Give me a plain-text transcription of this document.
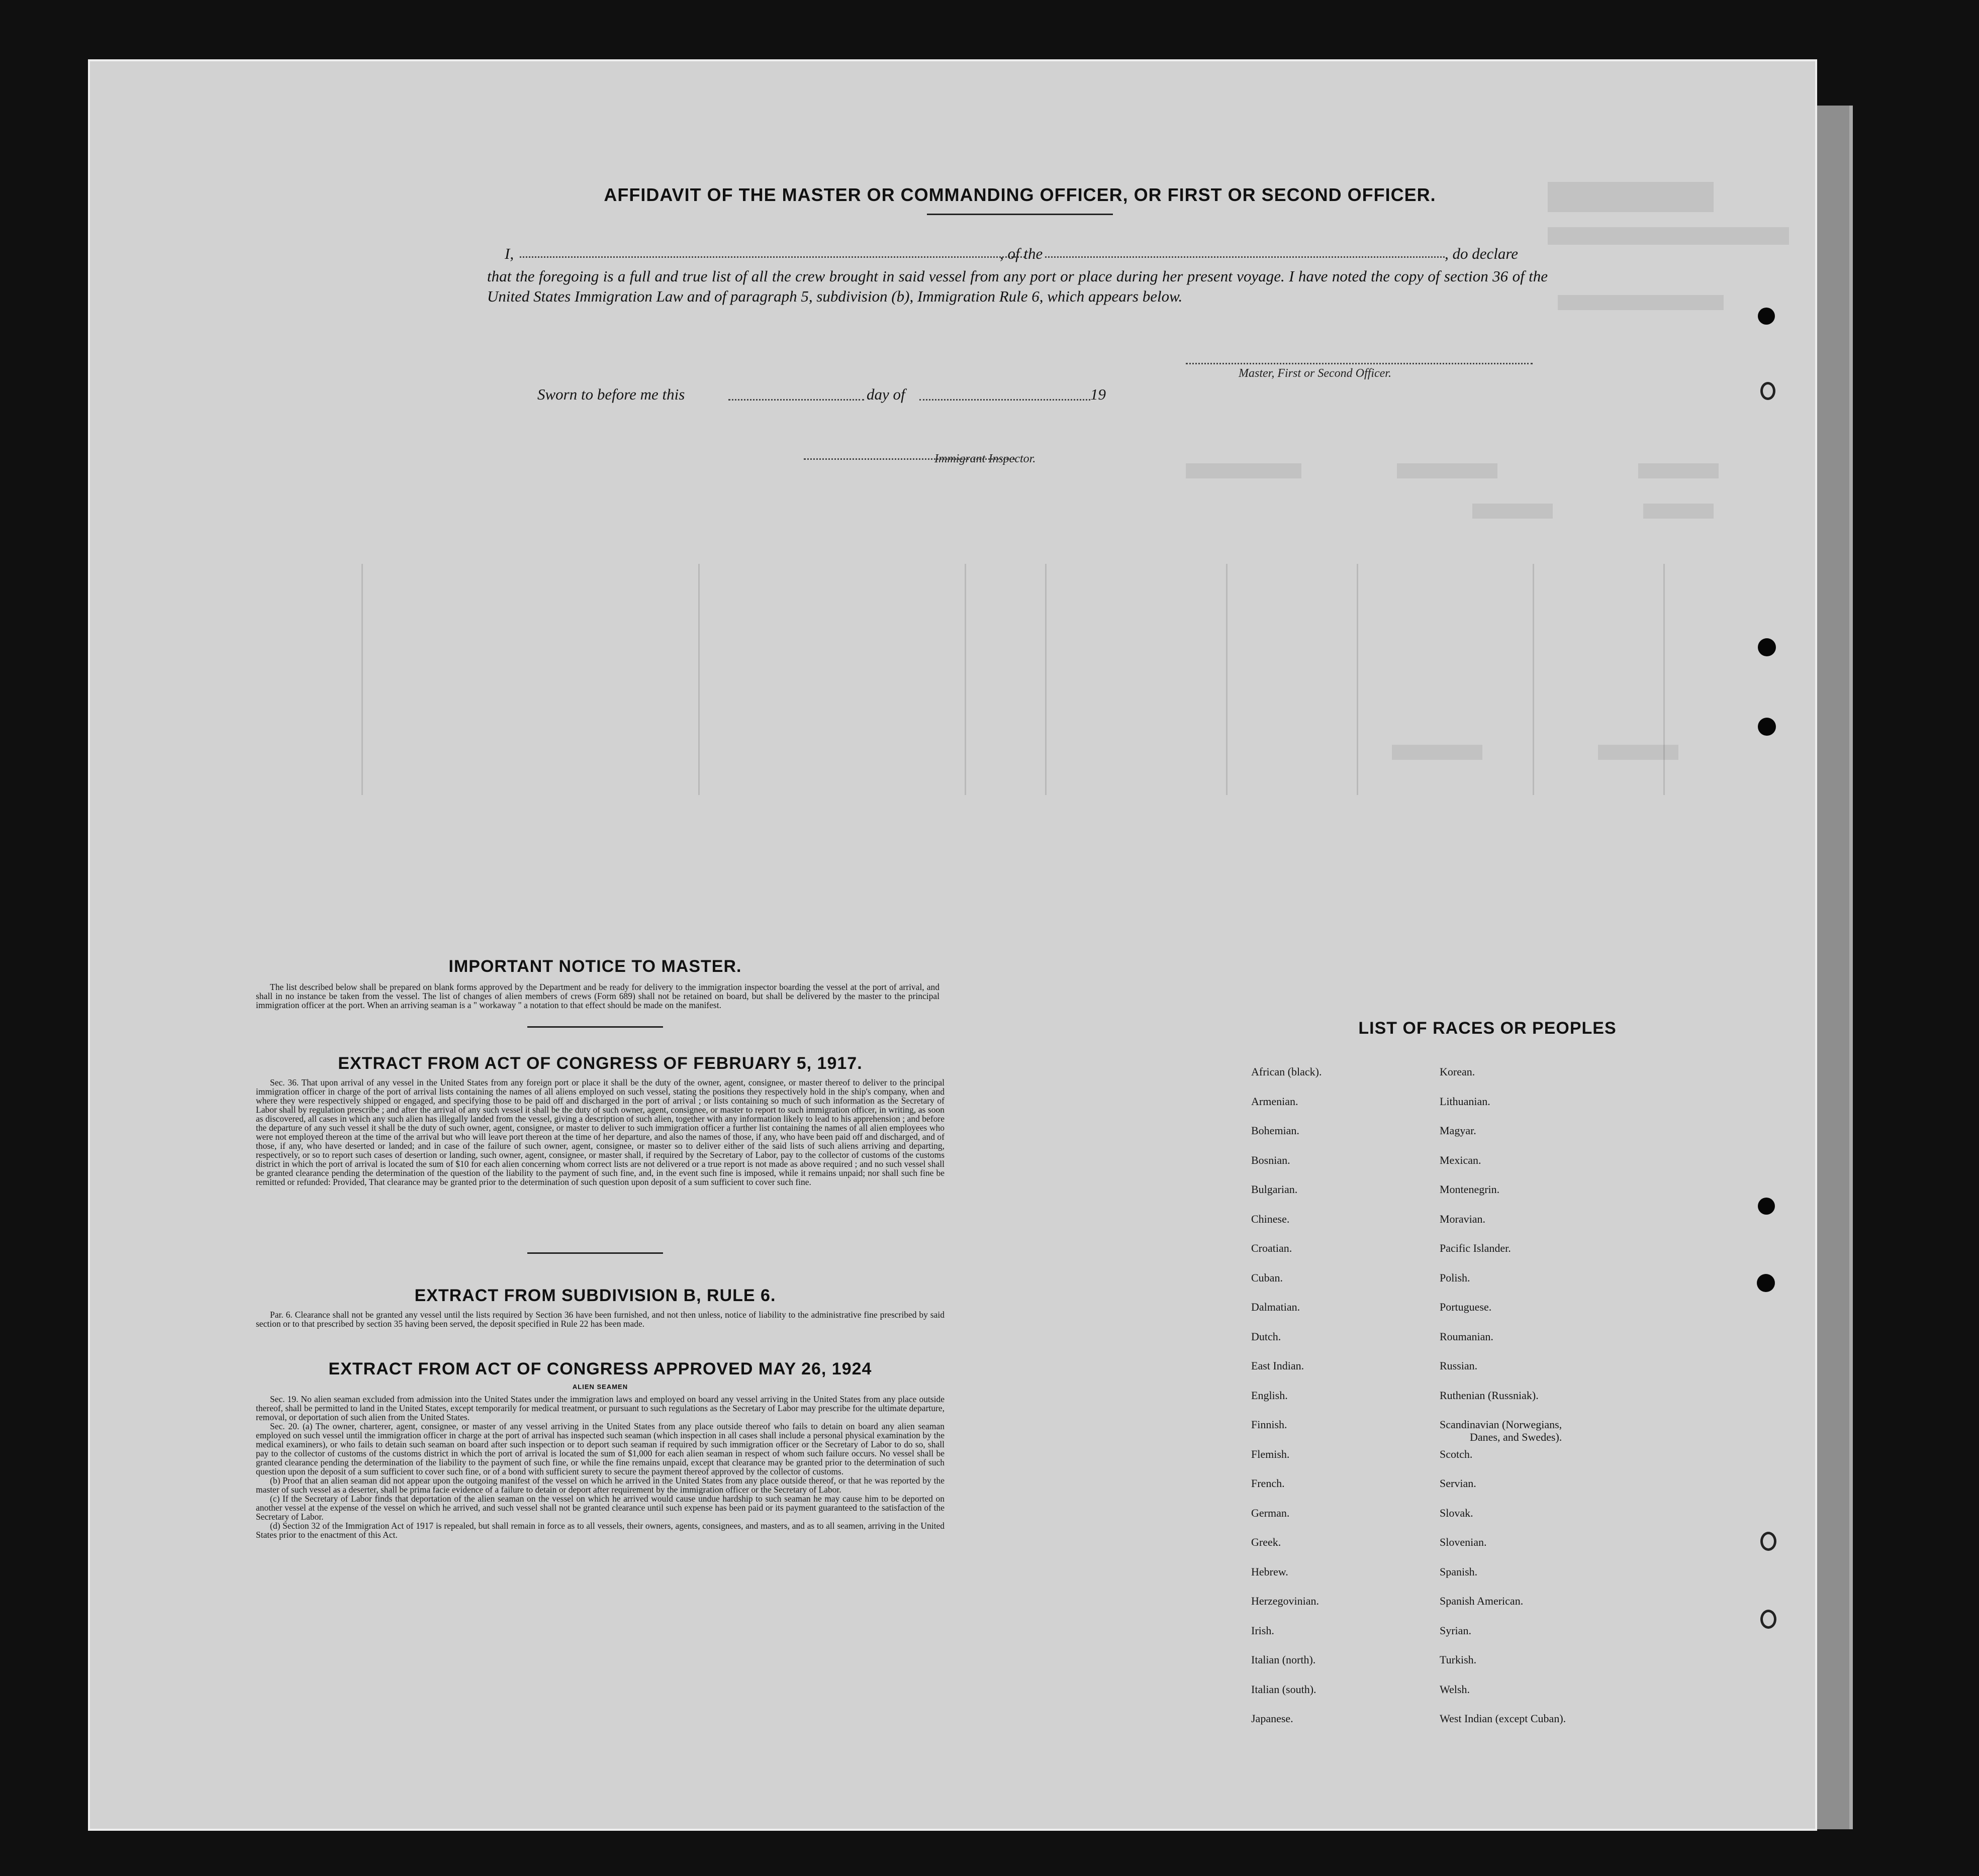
AFFIDAVIT OF THE MASTER OR COMMANDING OFFICER, OR FIRST OR SECOND OFFICER.
I,	, of the	, do declare
that the foregoing is a full and true list of all the crew brought in said vessel from any port or place during her present voyage. I have noted the copy of section 36 of the United States Immigration Law and of paragraph 5, subdivision (b), Immigration Rule 6, which appears below.
Master, First or Second Officer.
Sworn to before me this	day of	19
Immigrant Inspector.
IMPORTANT NOTICE TO MASTER.

The list described below shall be prepared on blank forms approved by the Department and be ready for delivery to the immigration inspector boarding the vessel at the port of arrival, and shall in no instance be taken from the vessel. The list of changes of alien members of crews (Form 689) shall not be retained on board, but shall be delivered by the master to the principal immigration officer at the port. When an arriving seaman is a " workaway " a notation to that effect should be made on the manifest.

EXTRACT FROM ACT OF CONGRESS OF FEBRUARY 5, 1917.

Sec. 36. That upon arrival of any vessel in the United States from any foreign port or place it shall be the duty of the owner, agent, consignee, or master thereof to deliver to the principal immigration officer in charge of the port of arrival lists containing the names of all aliens employed on such vessel, stating the positions they respectively hold in the ship's company, when and where they were respectively shipped or engaged, and specifying those to be paid off and discharged in the port of arrival ; or lists containing so much of such information as the Secretary of Labor shall by regulation prescribe ; and after the arrival of any such vessel it shall be the duty of such owner, agent, consignee, or master to report to such immigration officer, in writing, as soon as discovered, all cases in which any such alien has illegally landed from the vessel, giving a description of such alien, together with any information likely to lead to his apprehension ; and before the departure of any such vessel it shall be the duty of such owner, agent, consignee, or master to deliver to such immigration officer a further list containing the names of all alien employees who were not employed thereon at the time of the arrival but who will leave port thereon at the time of her departure, and also the names of those, if any, who have been paid off and discharged, and of those, if any, who have deserted or landed; and in case of the failure of such owner, agent, consignee, or master so to deliver either of the said lists of such aliens arriving and departing, respectively, or so to report such cases of desertion or landing, such owner, agent, consignee, or master shall, if required by the Secretary of Labor, pay to the collector of customs of the customs district in which the port of arrival is located the sum of $10 for each alien concerning whom correct lists are not delivered or a true report is not made as above required ; and no such vessel shall be granted clearance pending the determination of the question of the liability to the payment of such fine, and, in the event such fine is imposed, while it remains unpaid; nor shall such fine be remitted or refunded: Provided, That clearance may be granted prior to the determination of such question upon deposit of a sum sufficient to cover such fine.

EXTRACT FROM SUBDIVISION B, RULE 6.

Par. 6. Clearance shall not be granted any vessel until the lists required by Section 36 have been furnished, and not then unless, notice of liability to the administrative fine prescribed by said section or to that prescribed by section 35 having been served, the deposit specified in Rule 22 has been made.

EXTRACT FROM ACT OF CONGRESS APPROVED MAY 26, 1924
ALIEN SEAMEN

Sec. 19. No alien seaman excluded from admission into the United States under the immigration laws and employed on board any vessel arriving in the United States from any place outside thereof, shall be permitted to land in the United States, except temporarily for medical treatment, or pursuant to such regulations as the Secretary of Labor may prescribe for the ultimate departure, removal, or deportation of such alien from the United States.

Sec. 20. (a) The owner, charterer, agent, consignee, or master of any vessel arriving in the United States from any place outside thereof who fails to detain on board any alien seaman employed on such vessel until the immigration officer in charge at the port of arrival has inspected such seaman (which inspection in all cases shall include a personal physical examination by the medical examiners), or who fails to detain such seaman on board after such inspection or to deport such seaman if required by such immigration officer or the Secretary of Labor to do so, shall pay to the collector of customs of the customs district in which the port of arrival is located the sum of $1,000 for each alien seaman in respect of whom such failure occurs. No vessel shall be granted clearance pending the determination of the liability to the payment of such fine, or while the fine remains unpaid, except that clearance may be granted prior to the determination of such question upon the deposit of a sum sufficient to cover such fine, or of a bond with sufficient surety to secure the payment thereof approved by the collector of customs.

(b) Proof that an alien seaman did not appear upon the outgoing manifest of the vessel on which he arrived in the United States from any place outside thereof, or that he was reported by the master of such vessel as a deserter, shall be prima facie evidence of a failure to detain or deport after requirement by the immigration officer or the Secretary of Labor.

(c) If the Secretary of Labor finds that deportation of the alien seaman on the vessel on which he arrived would cause undue hardship to such seaman he may cause him to be deported on another vessel at the expense of the vessel on which he arrived, and such vessel shall not be granted clearance until such expense has been paid or its payment guaranteed to the satisfaction of the Secretary of Labor.

(d) Section 32 of the Immigration Act of 1917 is repealed, but shall remain in force as to all vessels, their owners, agents, consignees, and masters, and as to all seamen, arriving in the United States prior to the enactment of this Act.

LIST OF RACES OR PEOPLES
African (black).
Armenian.
Bohemian.
Bosnian.
Bulgarian.
Chinese.
Croatian.
Cuban.
Dalmatian.
Dutch.
East Indian.
English.
Finnish.
Flemish.
French.
German.
Greek.
Hebrew.
Herzegovinian.
Irish.
Italian (north).
Italian (south).
Japanese.
Korean.
Lithuanian.
Magyar.
Mexican.
Montenegrin.
Moravian.
Pacific Islander.
Polish.
Portuguese.
Roumanian.
Russian.
Ruthenian (Russniak).
Scandinavian (Norwegians,
Scotch.
Servian.
Slovak.
Slovenian.
Spanish.
Spanish American.
Syrian.
Turkish.
Welsh.
West Indian (except Cuban).
Danes, and Swedes).
